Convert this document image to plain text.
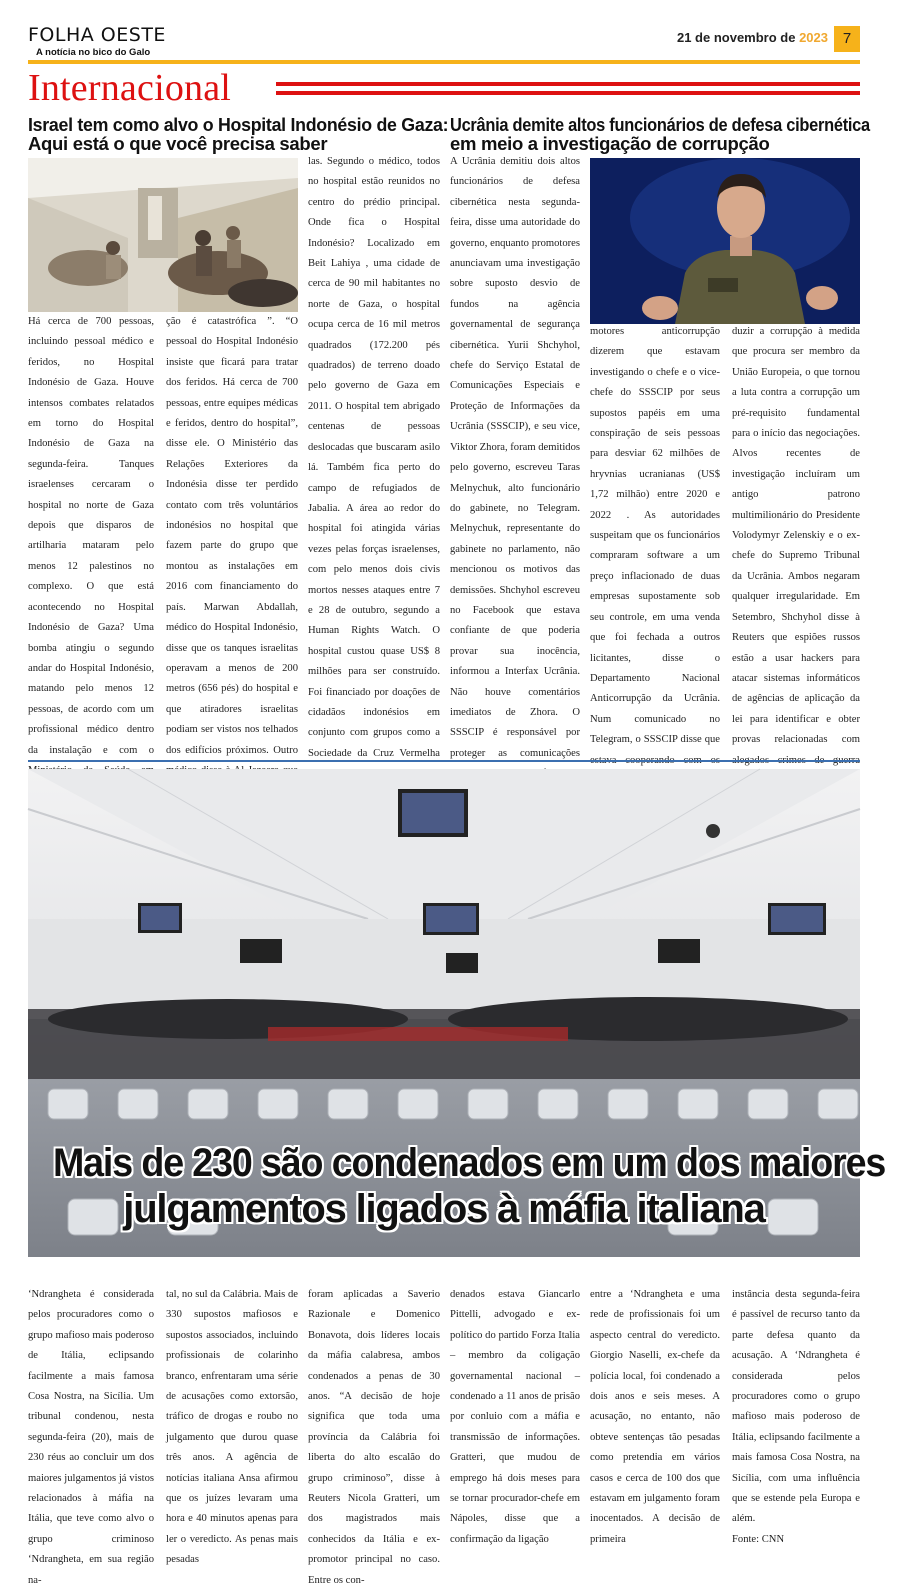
FOLHA OESTE
A notícia no bico do Galo
21 de novembro de 2023 7
Internacional
Israel tem como alvo o Hospital Indonésio de Gaza:
Aqui está o que você precisa saber
Há cerca de 700 pessoas, incluindo pessoal médico e feridos, no Hospital Indonésio de Gaza. Houve intensos combates relatados em torno do Hospital Indonésio de Gaza na segunda-feira. Tanques israelenses cercaram o hospital no norte de Gaza depois que disparos de artilharia mataram pelo menos 12 palestinos no complexo. O que está acontecendo no Hospital Indonésio de Gaza? Uma bomba atingiu o segundo andar do Hospital Indonésio, matando pelo menos 12 pessoas, de acordo com um profissional médico dentro da instalação e com o
ção é catastrófica ”. “O pessoal do Hospital Indonésio insiste que ficará para tratar dos feridos. Há cerca de 700 pessoas, entre equipes médicas e feridos, dentro do hospital”, disse ele. O Ministério das Relações Exteriores da Indonésia disse ter perdido contato com três voluntários indonésios no hospital que fazem parte do grupo que montou as instalações em 2016 com financiamento do país. Marwan Abdallah, médico do Hospital Indonésio, disse que os tanques israelitas operavam a menos de 200 metros (656 pés) do hospital e que atiradores israelitas podiam ser vistos nos telhados dos edifícios próximos. Outro
las. Segundo o médico, todos no hospital estão reunidos no centro do prédio principal. Onde fica o Hospital Indonésio? Localizado em Beit Lahiya , uma cidade de cerca de 90 mil habitantes no norte de Gaza, o hospital ocupa cerca de 16 mil metros quadrados (172.200 pés quadrados) de terreno doado pelo governo de Gaza em 2011. O hospital tem abrigado centenas de pessoas deslocadas que buscaram asilo lá. Também fica perto do campo de refugiados de Jabalia. A área ao redor do hospital foi atingida várias vezes pelas forças israelenses, com pelo menos dois civis mortos nesses ataques entre 7 e 28 de outubro, segundo a Human Rights Watch. O hospital custou quase US$ 8 milhões para ser construído. Foi financiado por doações de cidadãos indonésios em conjunto com grupos como a Sociedade da Cruz Vermelha
Ucrânia demite altos funcionários de defesa cibernética
em meio a investigação de corrupção
A Ucrânia demitiu dois altos funcionários de defesa cibernética nesta segunda-feira, disse uma autoridade do governo, enquanto promotores anunciavam uma investigação sobre suposto desvio de fundos na agência governamental de segurança cibernética. Yurii Shchyhol, chefe do Serviço Estatal de Comunicações Especiais e Proteção de Informações da Ucrânia (SSSCIP), e seu vice, Viktor Zhora, foram demitidos pelo governo, escreveu Taras Melnychuk, alto funcionário do gabinete, no Telegram. Melnychuk, representante do gabinete no parlamento, não mencionou os motivos das demissões. Shchyhol escreveu no Facebook que estava confiante de que poderia provar sua inocência, informou a Interfax Ucrânia. Não houve comentários imediatos de Zhora. O SSSCIP é responsável por proteger as comunicações
motores anticorrupção dizerem que estavam investigando o chefe e o vice-chefe do SSSCIP por seus supostos papéis em uma conspiração de seis pessoas para desviar 62 milhões de hryvnias ucranianas (US$ 1,72 milhão) entre 2020 e 2022 . As autoridades suspeitam que os funcionários compraram software a um preço inflacionado de duas empresas supostamente sob seu controle, em uma venda que foi fechada a outros licitantes, disse o Departamento Nacional Anticorrupção da Ucrânia. Num comunicado no Telegram, o SSSCIP disse que
duzir a corrupção à medida que procura ser membro da União Europeia, o que tornou a luta contra a corrupção um pré-requisito fundamental para o início das negociações. Alvos recentes de investigação incluíram um antigo patrono multimilionário do Presidente Volodymyr Zelenskiy e o ex-chefe do Supremo Tribunal da Ucrânia. Ambos negaram qualquer irregularidade. Em Setembro, Shchyhol disse à Reuters que espiões russos estão a usar hackers para atacar sistemas informáticos de agências de aplicação da lei para identificar e obter provas relacionadas com
Mais de 230 são condenados em um dos maiores
julgamentos ligados à máfia italiana
‘Ndrangheta é considerada pelos procuradores como o grupo mafioso mais poderoso de Itália, eclipsando facilmente a mais famosa Cosa Nostra, na Sicília. Um tribunal condenou, nesta segunda-feira (20), mais de 230 réus ao concluir um dos maiores julgamentos já vistos relacionados à máfia na Itália, que teve como alvo o grupo criminoso ‘Ndrangheta, em sua região na-
tal, no sul da Calábria. Mais de 330 supostos mafiosos e supostos associados, incluindo profissionais de colarinho branco, enfrentaram uma série de acusações como extorsão, tráfico de drogas e roubo no julgamento que durou quase três anos. A agência de notícias italiana Ansa afirmou que os juízes levaram uma hora e 40 minutos apenas para ler o veredicto. As penas mais pesadas
foram aplicadas a Saverio Razionale e Domenico Bonavota, dois líderes locais da máfia calabresa, ambos condenados a penas de 30 anos. “A decisão de hoje significa que toda uma província da Calábria foi liberta do alto escalão do grupo criminoso”, disse à Reuters Nicola Gratteri, um dos magistrados mais conhecidos da Itália e ex-promotor principal no caso. Entre os con-
denados estava Giancarlo Pittelli, advogado e ex-político do partido Forza Italia – membro da coligação governamental nacional – condenado a 11 anos de prisão por conluio com a máfia e transmissão de informações. Gratteri, que mudou de emprego há dois meses para se tornar procurador-chefe em Nápoles, disse que a confirmação da ligação
entre a ‘Ndrangheta e uma rede de profissionais foi um aspecto central do veredicto. Giorgio Naselli, ex-chefe da polícia local, foi condenado a dois anos e seis meses. A acusação, no entanto, não obteve sentenças tão pesadas como pretendia em vários casos e cerca de 100 dos que estavam em julgamento foram inocentados. A decisão de primeira
instância desta segunda-feira é passível de recurso tanto da parte defesa quanto da acusação. A ‘Ndrangheta é considerada pelos procuradores como o grupo mafioso mais poderoso de Itália, eclipsando facilmente a mais famosa Cosa Nostra, na Sicília, com uma influência que se estende pela Europa e além.
Fonte: CNN
